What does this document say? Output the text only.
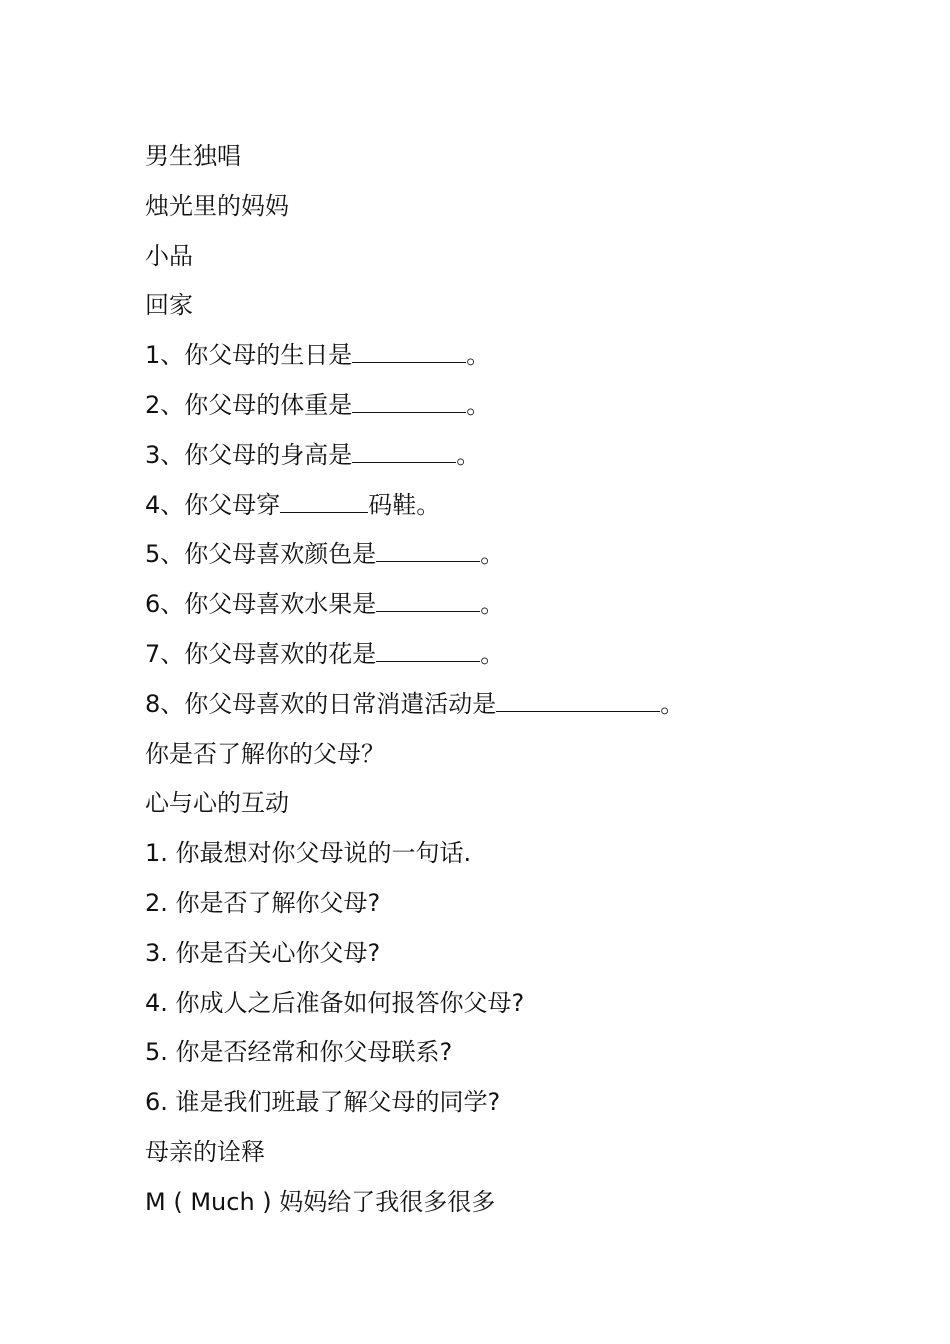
男生独唱
烛光里的妈妈
小品
回家
1、你父母的生日是	。
2、你父母的体重是	。
3、你父母的身高是	。
4、你父母穿	码鞋。
5、你父母喜欢颜色是	。
6、你父母喜欢水果是	。
7、你父母喜欢的花是	。
8、你父母喜欢的日常消遣活动是	。
你是否了解你的父母？
心与心的互动
1. 你最想对你父母说的一句话.
2. 你是否了解你父母?
3. 你是否关心你父母?
4. 你成人之后准备如何报答你父母?
5. 你是否经常和你父母联系?
6. 谁是我们班最了解父母的同学?
母亲的诠释
M ( Much ) 妈妈给了我很多很多
